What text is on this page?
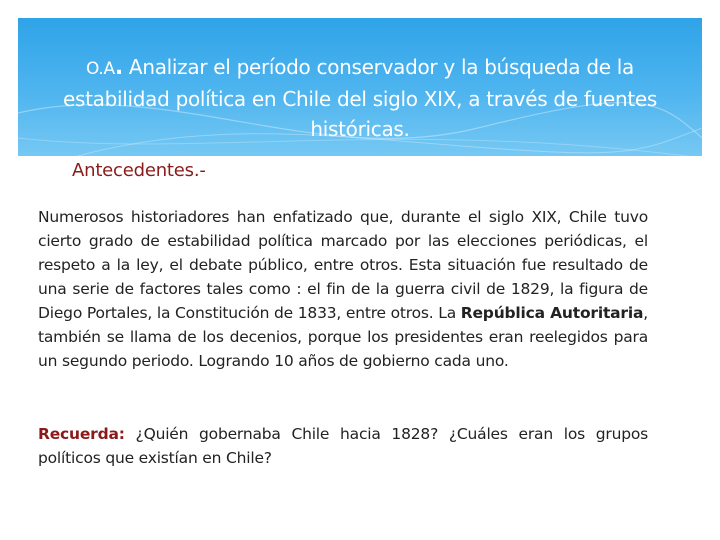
O.A. Analizar el período conservador y la búsqueda de la
estabilidad política en Chile del siglo XIX, a través de fuentes
históricas.
Antecedentes.-
Numerosos historiadores han enfatizado que, durante el siglo XIX, Chile tuvo cierto grado de estabilidad política marcado por las elecciones periódicas, el respeto a la ley, el debate público, entre otros. Esta situación fue resultado de una serie de factores tales como : el fin de la guerra civil de 1829, la figura de Diego Portales, la Constitución de 1833, entre otros. La República Autoritaria, también se llama de los decenios, porque los presidentes eran reelegidos para un segundo periodo. Logrando 10 años de gobierno cada uno.
Recuerda: ¿Quién gobernaba Chile hacia 1828? ¿Cuáles eran los grupos políticos que existían en Chile?
